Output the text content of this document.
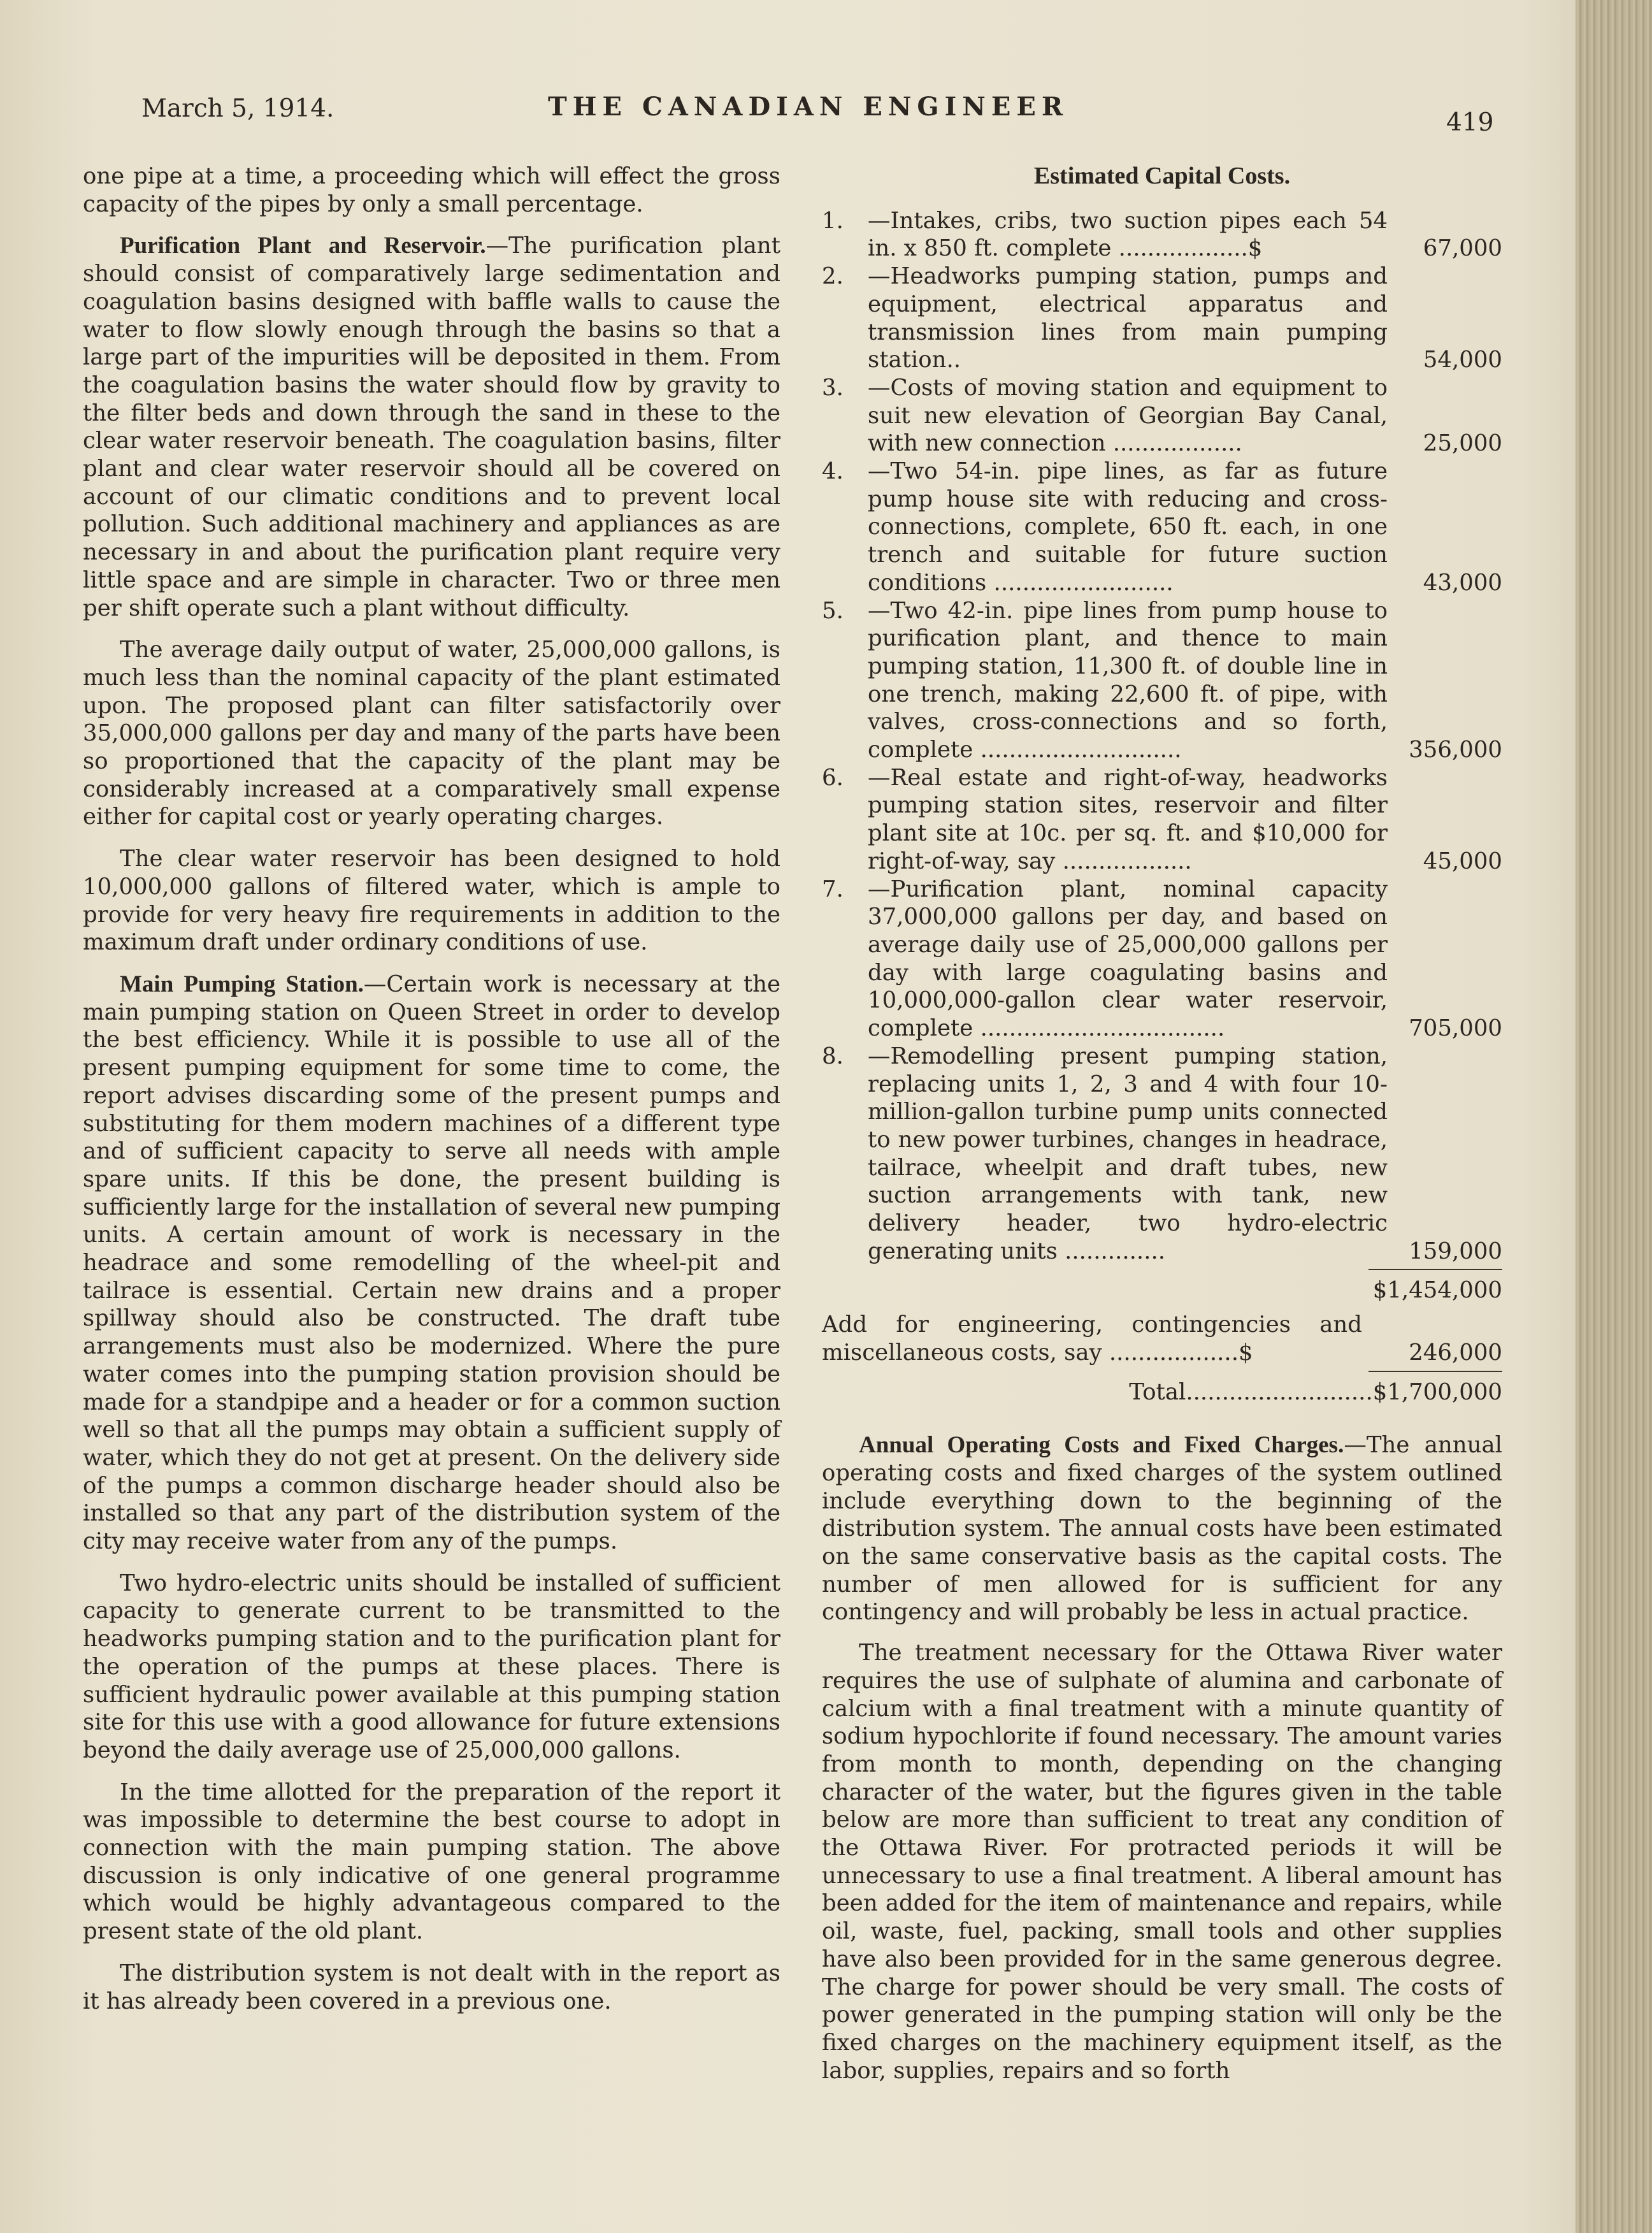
March 5, 1914.	THE CANADIAN ENGINEER
419

one pipe at a time, a proceeding which will effect the gross capacity of the pipes by only a small percentage.

Purification Plant and Reservoir.—The purification plant should consist of comparatively large sedimentation and coagulation basins designed with baffle walls to cause the water to flow slowly enough through the basins so that a large part of the impurities will be deposited in them. From the coagulation basins the water should flow by gravity to the filter beds and down through the sand in these to the clear water reservoir beneath. The coagulation basins, filter plant and clear water reservoir should all be covered on account of our climatic conditions and to prevent local pollution. Such additional machinery and appliances as are necessary in and about the purification plant require very little space and are simple in character. Two or three men per shift operate such a plant without difficulty.

The average daily output of water, 25,000,000 gallons, is much less than the nominal capacity of the plant estimated upon. The proposed plant can filter satisfactorily over 35,000,000 gallons per day and many of the parts have been so proportioned that the capacity of the plant may be considerably increased at a comparatively small expense either for capital cost or yearly operating charges.

The clear water reservoir has been designed to hold 10,000,000 gallons of filtered water, which is ample to provide for very heavy fire requirements in addition to the maximum draft under ordinary conditions of use.

Main Pumping Station.—Certain work is necessary at the main pumping station on Queen Street in order to develop the best efficiency. While it is possible to use all of the present pumping equipment for some time to come, the report advises discarding some of the present pumps and substituting for them modern machines of a different type and of sufficient capacity to serve all needs with ample spare units. If this be done, the present building is sufficiently large for the installation of several new pumping units. A certain amount of work is necessary in the headrace and some remodelling of the wheel-pit and tailrace is essential. Certain new drains and a proper spillway should also be constructed. The draft tube arrangements must also be modernized. Where the pure water comes into the pumping station provision should be made for a standpipe and a header or for a common suction well so that all the pumps may obtain a sufficient supply of water, which they do not get at present. On the delivery side of the pumps a common discharge header should also be installed so that any part of the distribution system of the city may receive water from any of the pumps.

Two hydro-electric units should be installed of sufficient capacity to generate current to be transmitted to the headworks pumping station and to the purification plant for the operation of the pumps at these places. There is sufficient hydraulic power available at this pumping station site for this use with a good allowance for future extensions beyond the daily average use of 25,000,000 gallons.

In the time allotted for the preparation of the report it was impossible to determine the best course to adopt in connection with the main pumping station. The above discussion is only indicative of one general programme which would be highly advantageous compared to the present state of the old plant.

The distribution system is not dealt with in the report as it has already been covered in a previous one.

Estimated Capital Costs.
1.	—Intakes, cribs, two suction pipes each 54 in. x 850 ft. complete ..................$	67,000
2.	—Headworks pumping station, pumps and equipment, electrical apparatus and transmission lines from main pumping station..	54,000
3.	—Costs of moving station and equipment to suit new elevation of Georgian Bay Canal, with new connection ..................	25,000
4.	—Two 54-in. pipe lines, as far as future pump house site with reducing and cross-connections, complete, 650 ft. each, in one trench and suitable for future suction conditions .........................	43,000
5.	—Two 42-in. pipe lines from pump house to purification plant, and thence to main pumping station, 11,300 ft. of double line in one trench, making 22,600 ft. of pipe, with valves, cross-connections and so forth, complete ............................	356,000
6.	—Real estate and right-of-way, headworks pumping station sites, reservoir and filter plant site at 10c. per sq. ft. and $10,000 for right-of-way, say ..................	45,000
7.	—Purification plant, nominal capacity 37,000,000 gallons per day, and based on average daily use of 25,000,000 gallons per day with large coagulating basins and 10,000,000-gallon clear water reservoir, complete ..................................	705,000
8.	—Remodelling present pumping station, replacing units 1, 2, 3 and 4 with four 10-million-gallon turbine pump units connected to new power turbines, changes in headrace, tailrace, wheelpit and draft tubes, new suction arrangements with tank, new delivery header, two hydro-electric generating units ..............	159,000
$1,454,000
Add for engineering, contingencies and miscellaneous costs, say ..................$	246,000
Total..........................$1,700,000

Annual Operating Costs and Fixed Charges.—The annual operating costs and fixed charges of the system outlined include everything down to the beginning of the distribution system. The annual costs have been estimated on the same conservative basis as the capital costs. The number of men allowed for is sufficient for any contingency and will probably be less in actual practice.

The treatment necessary for the Ottawa River water requires the use of sulphate of alumina and carbonate of calcium with a final treatment with a minute quantity of sodium hypochlorite if found necessary. The amount varies from month to month, depending on the changing character of the water, but the figures given in the table below are more than sufficient to treat any condition of the Ottawa River. For protracted periods it will be unnecessary to use a final treatment. A liberal amount has been added for the item of maintenance and repairs, while oil, waste, fuel, packing, small tools and other supplies have also been provided for in the same generous degree. The charge for power should be very small. The costs of power generated in the pumping station will only be the fixed charges on the machinery equipment itself, as the labor, supplies, repairs and so forth
